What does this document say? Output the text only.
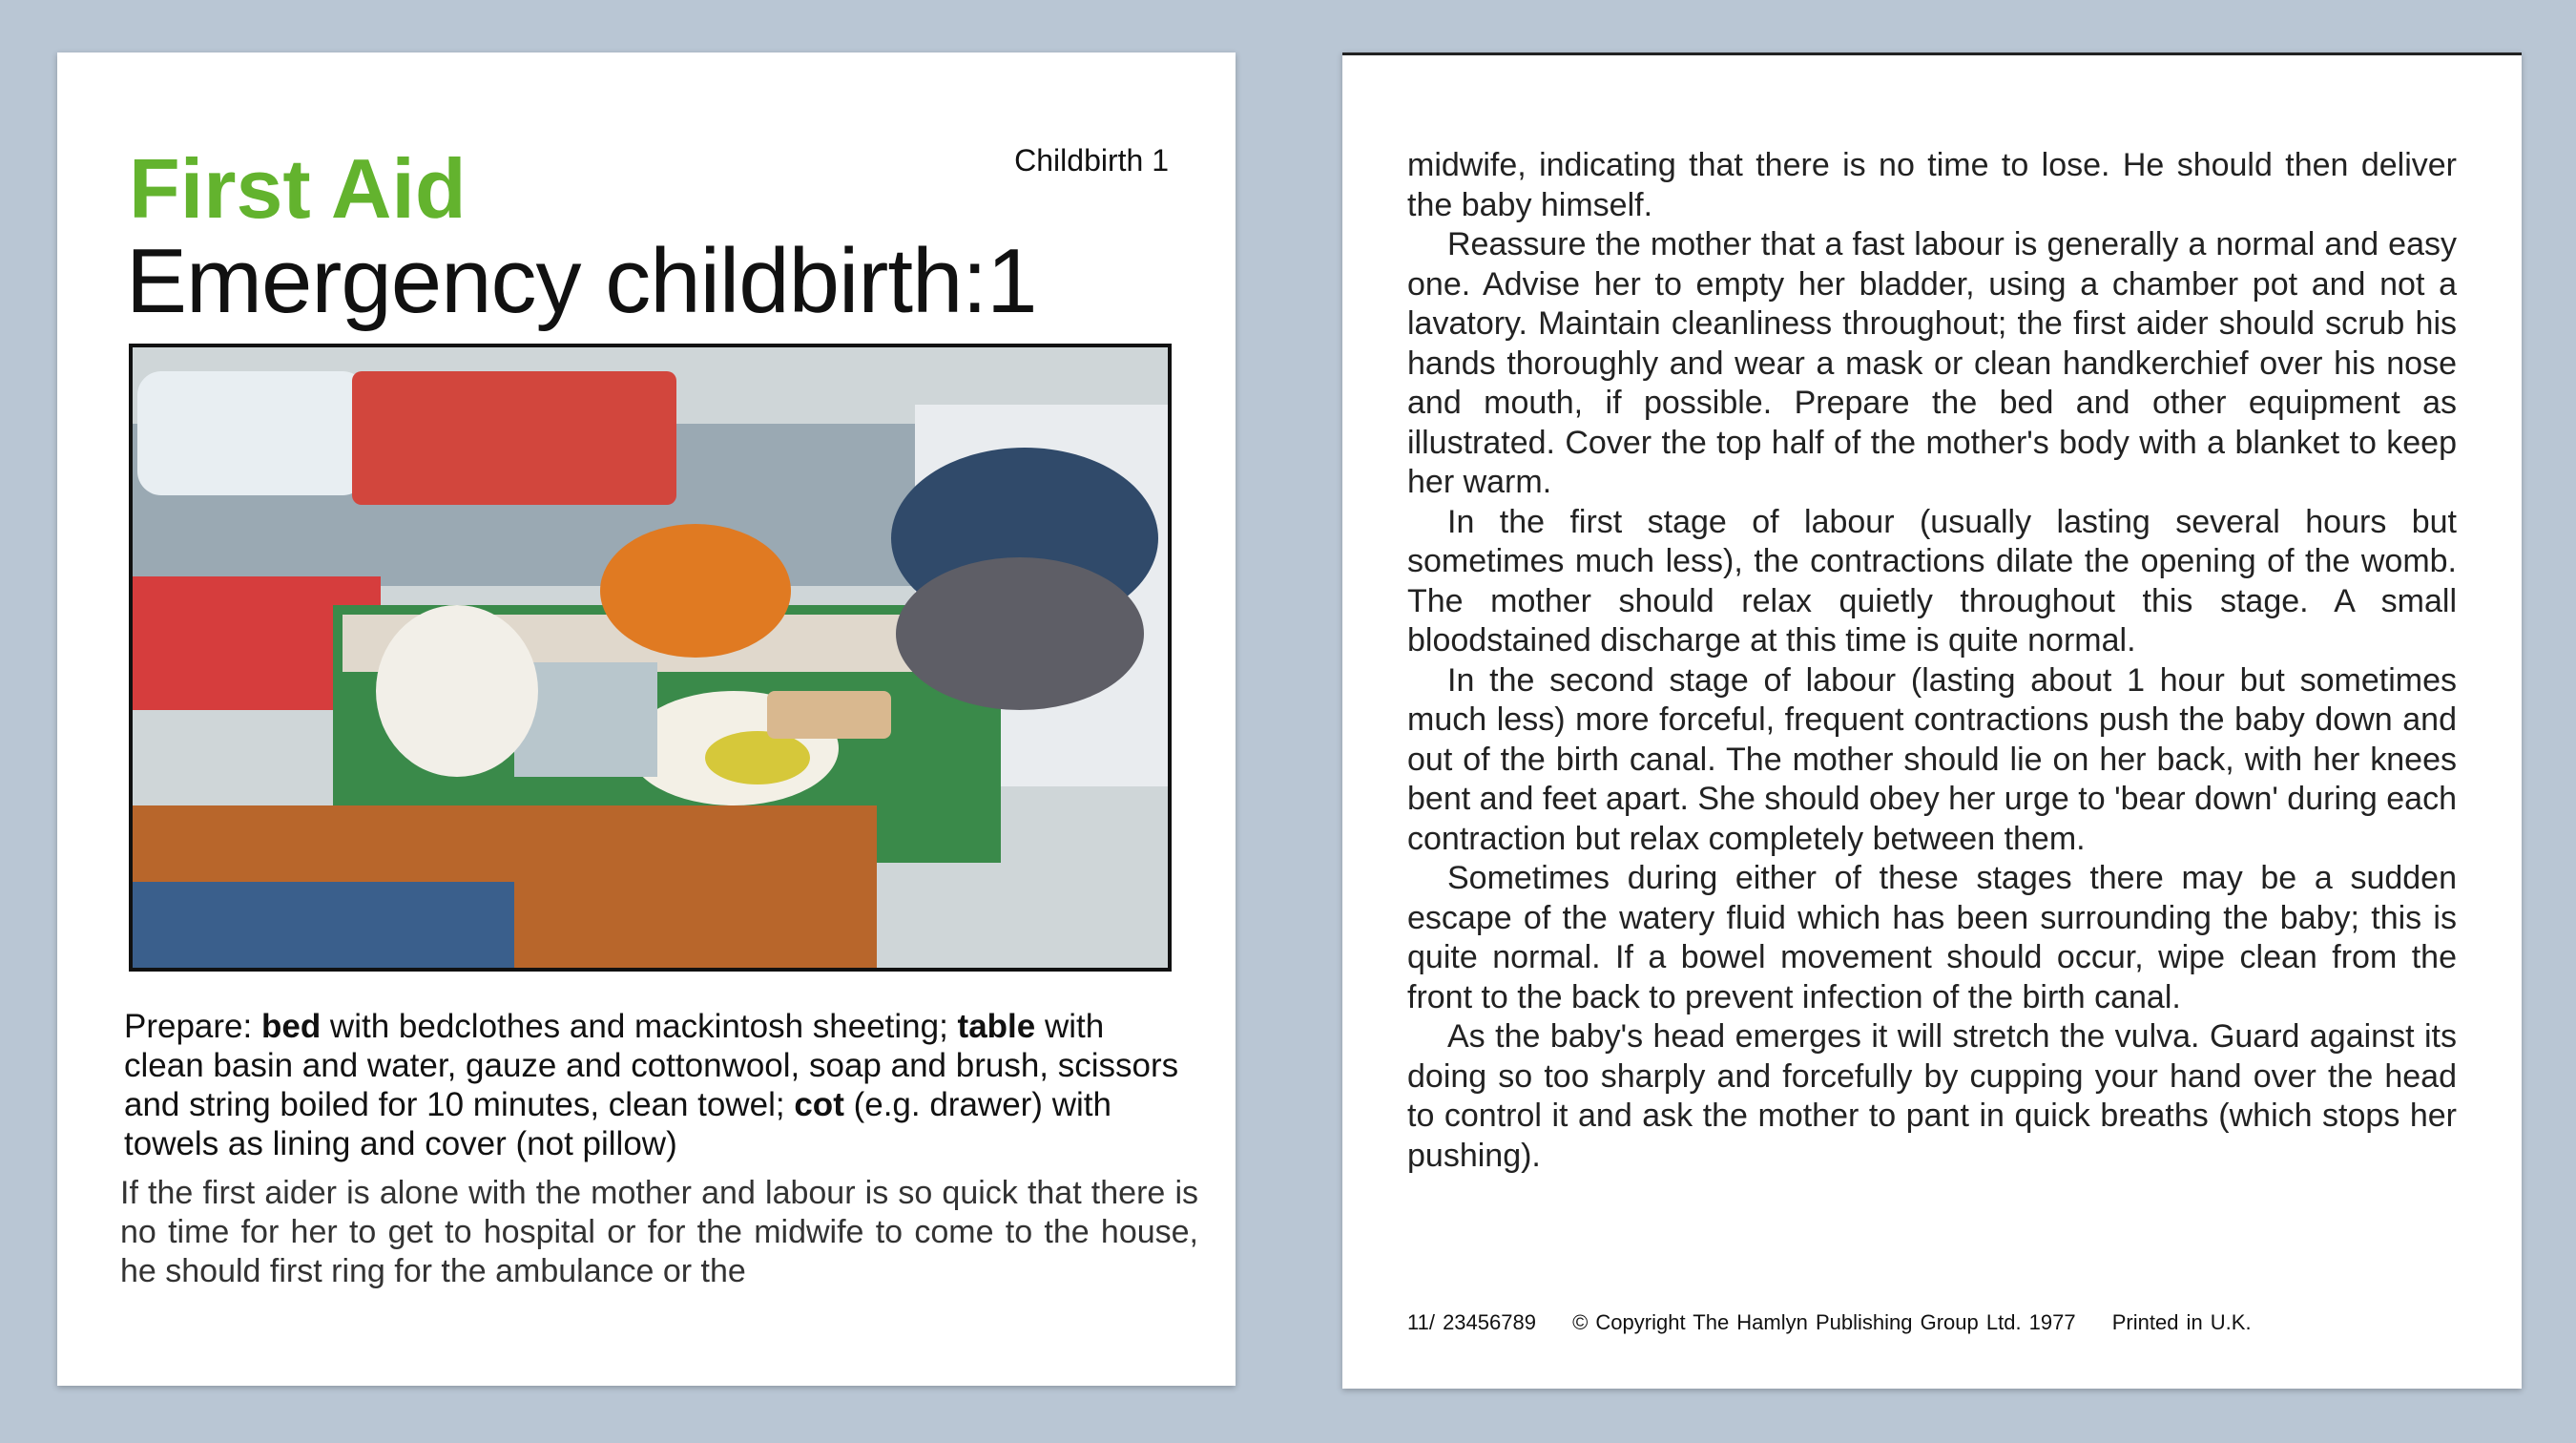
First Aid	Childbirth 1
Emergency childbirth:1
Prepare: bed with bedclothes and mackintosh sheeting; table with clean basin and water, gauze and cottonwool, soap and brush, scissors and string boiled for 10 minutes, clean towel; cot (e.g. drawer) with towels as lining and cover (not pillow)
If the first aider is alone with the mother and labour is so quick that there is no time for her to get to hospital or for the midwife to come to the house, he should first ring for the ambulance or the

midwife, indicating that there is no time to lose. He should then deliver the baby himself.

Reassure the mother that a fast labour is generally a normal and easy one. Advise her to empty her bladder, using a chamber pot and not a lavatory. Maintain cleanliness throughout; the first aider should scrub his hands thoroughly and wear a mask or clean handkerchief over his nose and mouth, if possible. Prepare the bed and other equipment as illustrated. Cover the top half of the mother's body with a blanket to keep her warm.

In the first stage of labour (usually lasting several hours but sometimes much less), the contractions dilate the opening of the womb. The mother should relax quietly throughout this stage. A small bloodstained discharge at this time is quite normal.

In the second stage of labour (lasting about 1 hour but sometimes much less) more forceful, frequent contractions push the baby down and out of the birth canal. The mother should lie on her back, with her knees bent and feet apart. She should obey her urge to 'bear down' during each contraction but relax completely between them.

Sometimes during either of these stages there may be a sudden escape of the watery fluid which has been surrounding the baby; this is quite normal. If a bowel movement should occur, wipe clean from the front to the back to prevent infection of the birth canal.

As the baby's head emerges it will stretch the vulva. Guard against its doing so too sharply and forcefully by cupping your hand over the head to control it and ask the mother to pant in quick breaths (which stops her pushing).

11/ 23456789 © Copyright The Hamlyn Publishing Group Ltd. 1977 Printed in U.K.
